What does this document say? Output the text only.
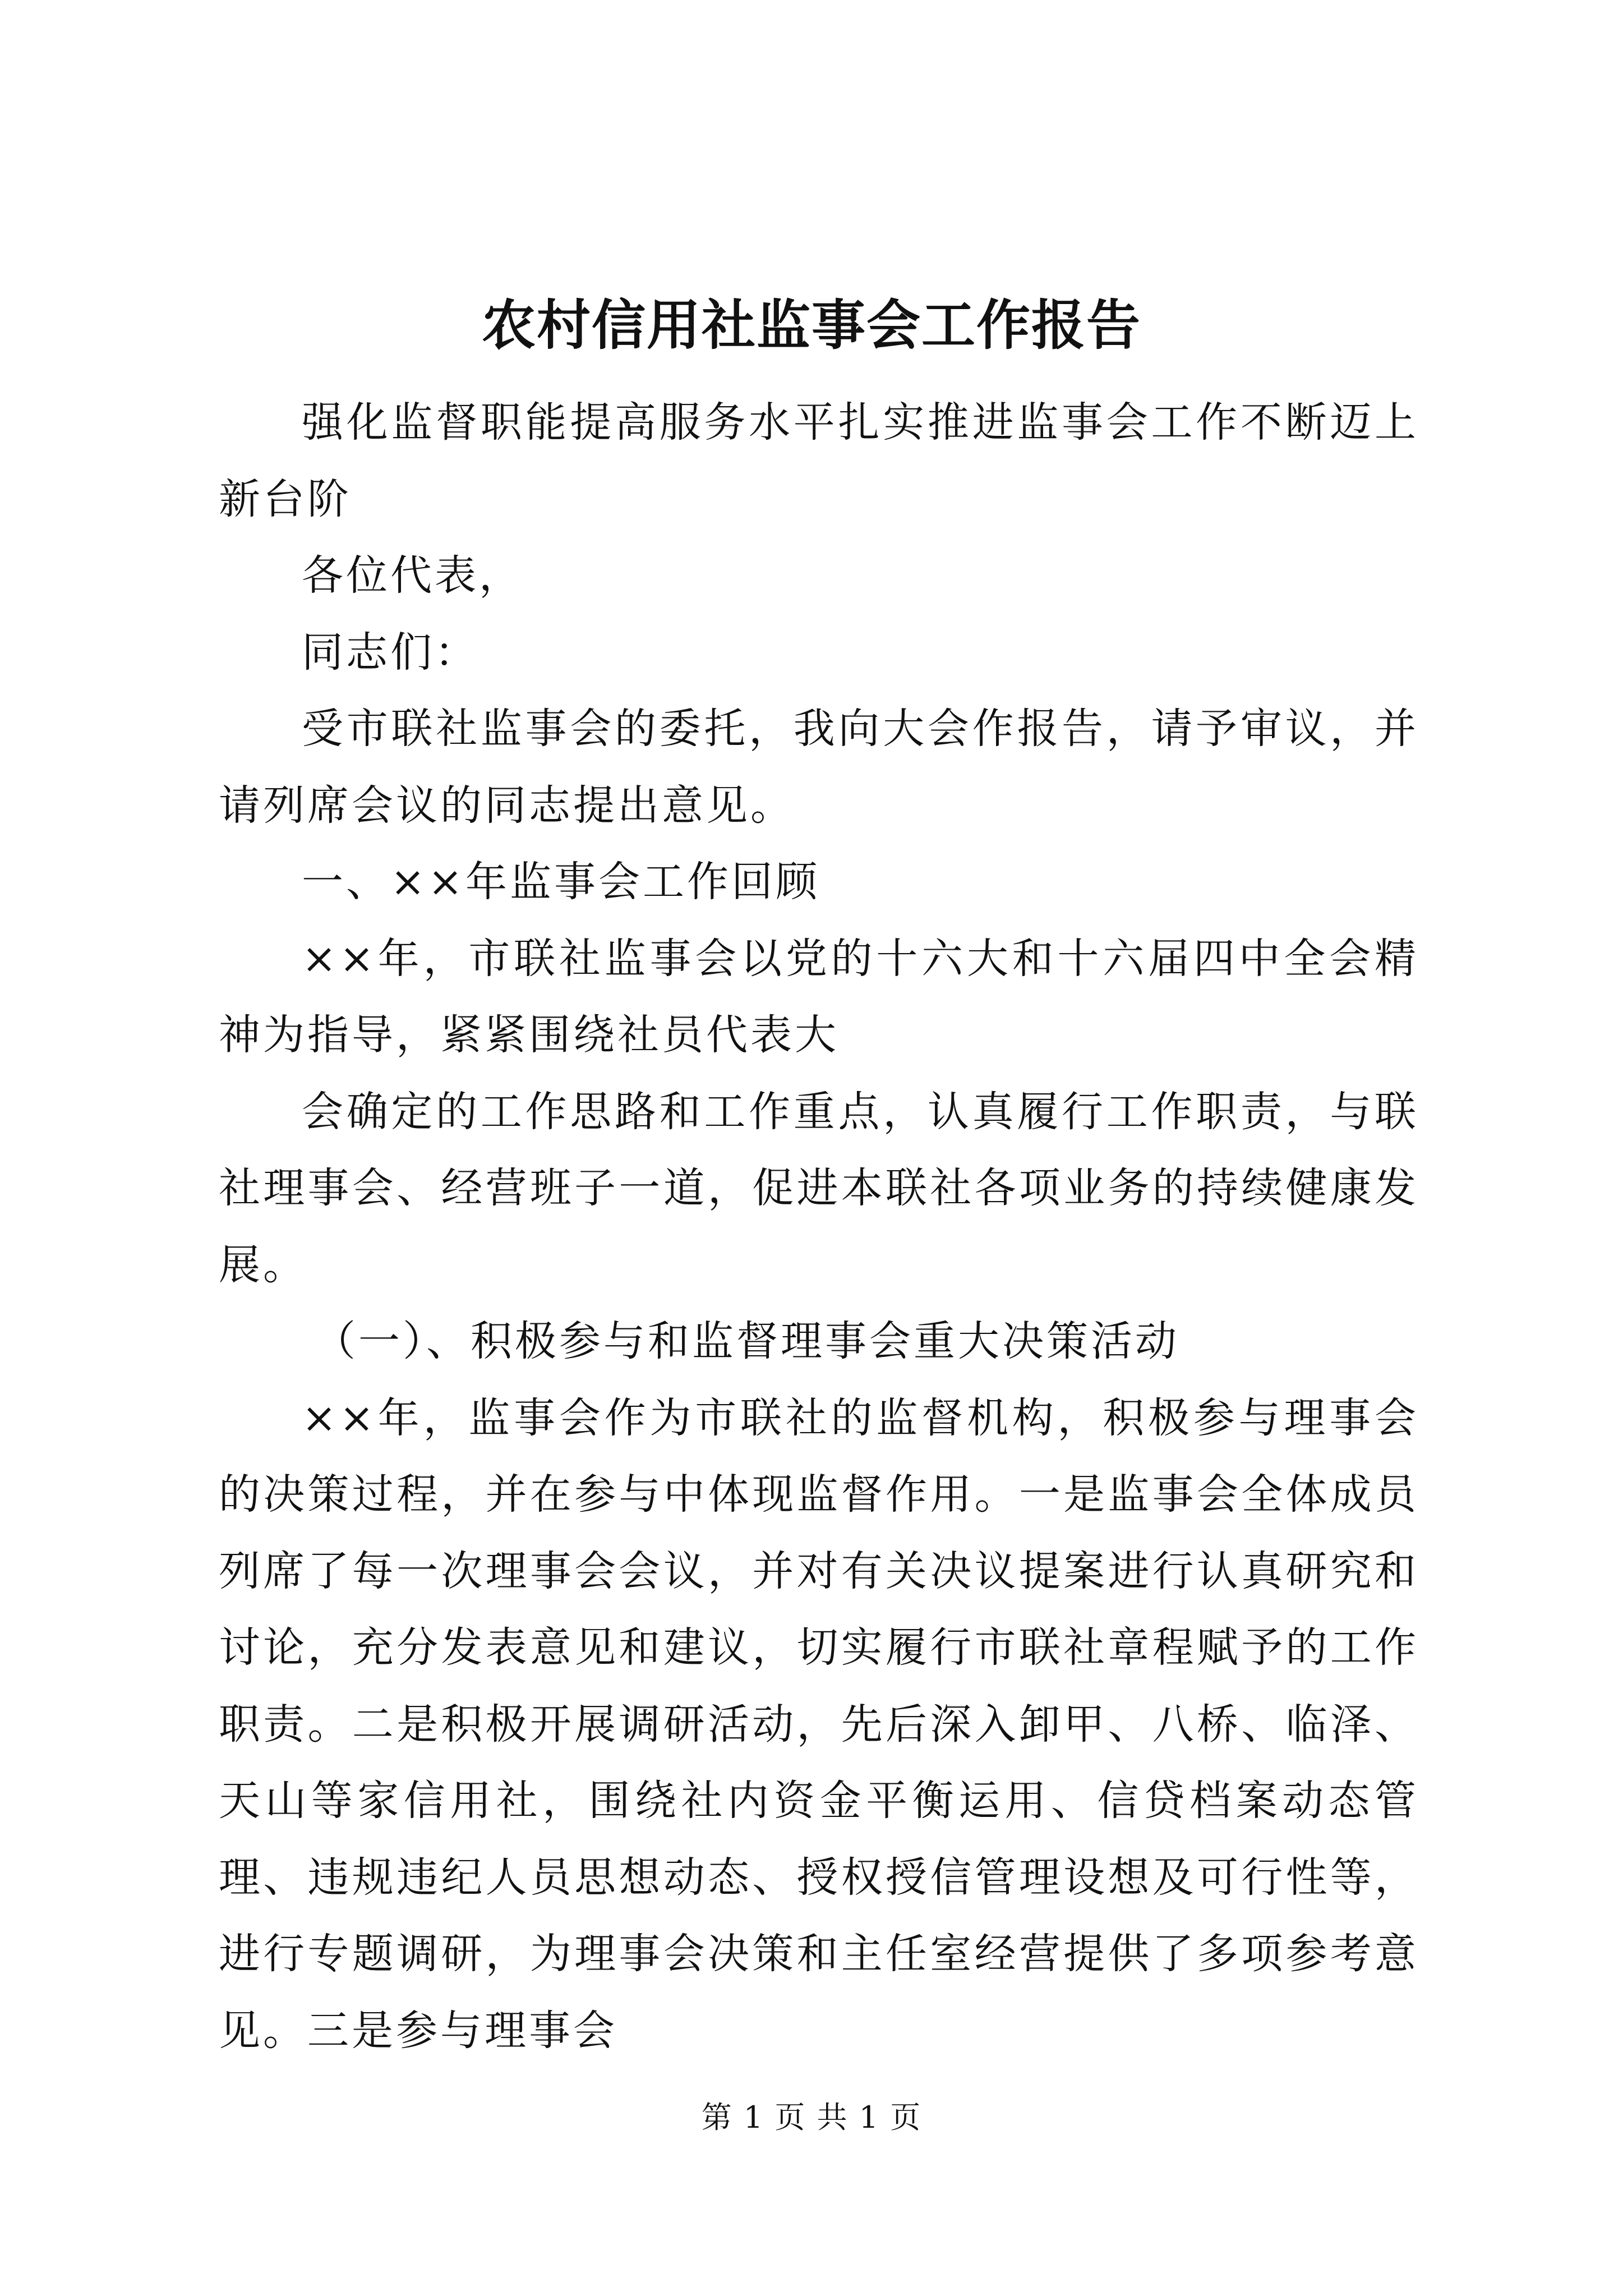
农村信用社监事会工作报告

强化监督职能提高服务水平扎实推进监事会工作不断迈上新台阶

各位代表，

同志们：

受市联社监事会的委托，我向大会作报告，请予审议，并请列席会议的同志提出意见。

一、××年监事会工作回顾

××年，市联社监事会以党的十六大和十六届四中全会精神为指导，紧紧围绕社员代表大

会确定的工作思路和工作重点，认真履行工作职责，与联社理事会、经营班子一道，促进本联社各项业务的持续健康发展。

（一）、积极参与和监督理事会重大决策活动

××年，监事会作为市联社的监督机构，积极参与理事会的决策过程，并在参与中体现监督作用。一是监事会全体成员列席了每一次理事会会议，并对有关决议提案进行认真研究和讨论，充分发表意见和建议，切实履行市联社章程赋予的工作职责。二是积极开展调研活动，先后深入卸甲、八桥、临泽、天山等家信用社，围绕社内资金平衡运用、信贷档案动态管理、违规违纪人员思想动态、授权授信管理设想及可行性等，进行专题调研，为理事会决策和主任室经营提供了多项参考意见。三是参与理事会

第 1 页 共 1 页
